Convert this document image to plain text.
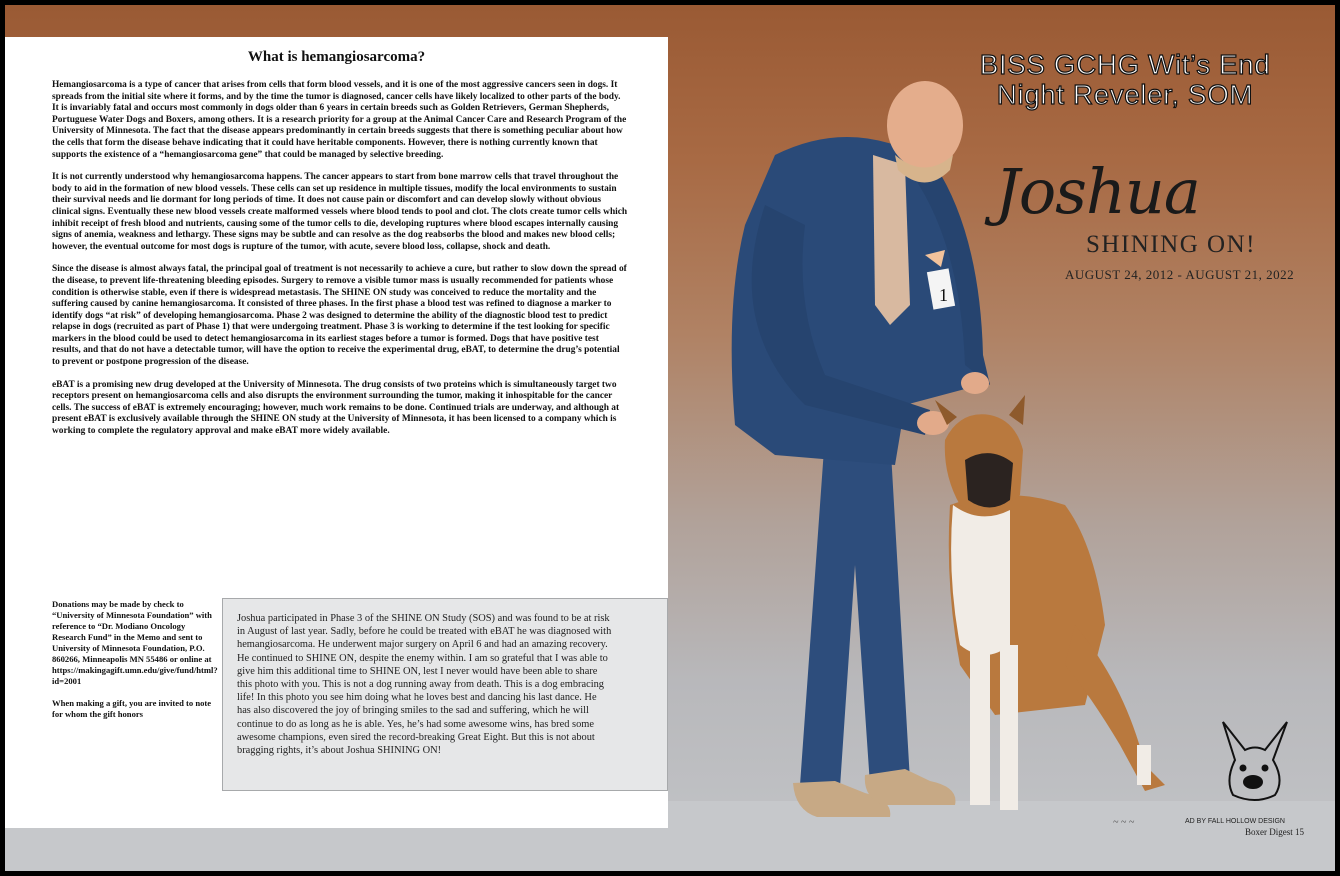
1
What is hemangiosarcoma?

Hemangiosarcoma is a type of cancer that arises from cells that form blood vessels, and it is one of the most aggressive cancers seen in dogs. It spreads from the initial site where it forms, and by the time the tumor is diagnosed, cancer cells have likely localized to other parts of the body. It is invariably fatal and occurs most commonly in dogs older than 6 years in certain breeds such as Golden Retrievers, German Shepherds, Portuguese Water Dogs and Boxers, among others. It is a research priority for a group at the Animal Cancer Care and Research Program of the University of Minnesota. The fact that the disease appears predominantly in certain breeds suggests that there is something peculiar about how the cells that form the disease behave indicating that it could have heritable components. However, there is nothing currently known that supports the existence of a “hemangiosarcoma gene” that could be managed by selective breeding.

It is not currently understood why hemangiosarcoma happens. The cancer appears to start from bone marrow cells that travel throughout the body to aid in the formation of new blood vessels. These cells can set up residence in multiple tissues, modify the local environments to sustain their survival needs and lie dormant for long periods of time. It does not cause pain or discomfort and can develop slowly without obvious clinical signs. Eventually these new blood vessels create malformed vessels where blood tends to pool and clot. The clots create tumor cells which inhibit receipt of fresh blood and nutrients, causing some of the tumor cells to die, developing ruptures where blood escapes internally causing signs of anemia, weakness and lethargy. These signs may be subtle and can resolve as the dog reabsorbs the blood and makes new blood cells; however, the eventual outcome for most dogs is rupture of the tumor, with acute, severe blood loss, collapse, shock and death.

Since the disease is almost always fatal, the principal goal of treatment is not necessarily to achieve a cure, but rather to slow down the spread of the disease, to prevent life-threatening bleeding episodes. Surgery to remove a visible tumor mass is usually recommended for patients whose condition is otherwise stable, even if there is widespread metastasis. The SHINE ON study was conceived to reduce the mortality and the suffering caused by canine hemangiosarcoma. It consisted of three phases. In the first phase a blood test was refined to diagnose a marker to identify dogs “at risk” of developing hemangiosarcoma. Phase 2 was designed to determine the ability of the diagnostic blood test to predict relapse in dogs (recruited as part of Phase 1) that were undergoing treatment. Phase 3 is working to determine if the test looking for specific markers in the blood could be used to detect hemangiosarcoma in its earliest stages before a tumor is formed. Dogs that have positive test results, and that do not have a detectable tumor, will have the option to receive the experimental drug, eBAT, to determine the drug’s potential to prevent or postpone progression of the disease.

eBAT is a promising new drug developed at the University of Minnesota. The drug consists of two proteins which is simultaneously target two receptors present on hemangiosarcoma cells and also disrupts the environment surrounding the tumor, making it inhospitable for the cancer cells. The success of eBAT is extremely encouraging; however, much work remains to be done. Continued trials are underway, and although at present eBAT is exclusively available through the SHINE ON study at the University of Minnesota, it has been licensed to a company which is working to complete the regulatory approval and make eBAT more widely available.

Donations may be made by check to “University of Minnesota Foundation” with reference to “Dr. Modiano Oncology Research Fund” in the Memo and sent to University of Minnesota Foundation, P.O. 860266, Minneapolis MN 55486 or online at https://makingagift.umn.edu/give/fund/html?id=2001

When making a gift, you are invited to note for whom the gift honors

Joshua participated in Phase 3 of the SHINE ON Study (SOS) and was found to be at risk in August of last year. Sadly, before he could be treated with eBAT he was diagnosed with hemangiosarcoma. He underwent major surgery on April 6 and had an amazing recovery. He continued to SHINE ON, despite the enemy within. I am so grateful that I was able to give him this additional time to SHINE ON, lest I never would have been able to share this photo with you. This is not a dog running away from death. This is a dog embracing life! In this photo you see him doing what he loves best and dancing his last dance. He has also discovered the joy of bringing smiles to the sad and suffering, which he will continue to do as long as he is able. Yes, he’s had some awesome wins, has bred some awesome champions, even sired the record-breaking Great Eight. But this is not about bragging rights, it’s about Joshua SHINING ON!

BISS GCHG Wit’s End
Night Reveler, SOM
Joshua
SHINING ON!
AUGUST 24, 2012 - AUGUST 21, 2022
~ ~ ~	AD BY FALL HOLLOW DESIGN
Boxer Digest 15
